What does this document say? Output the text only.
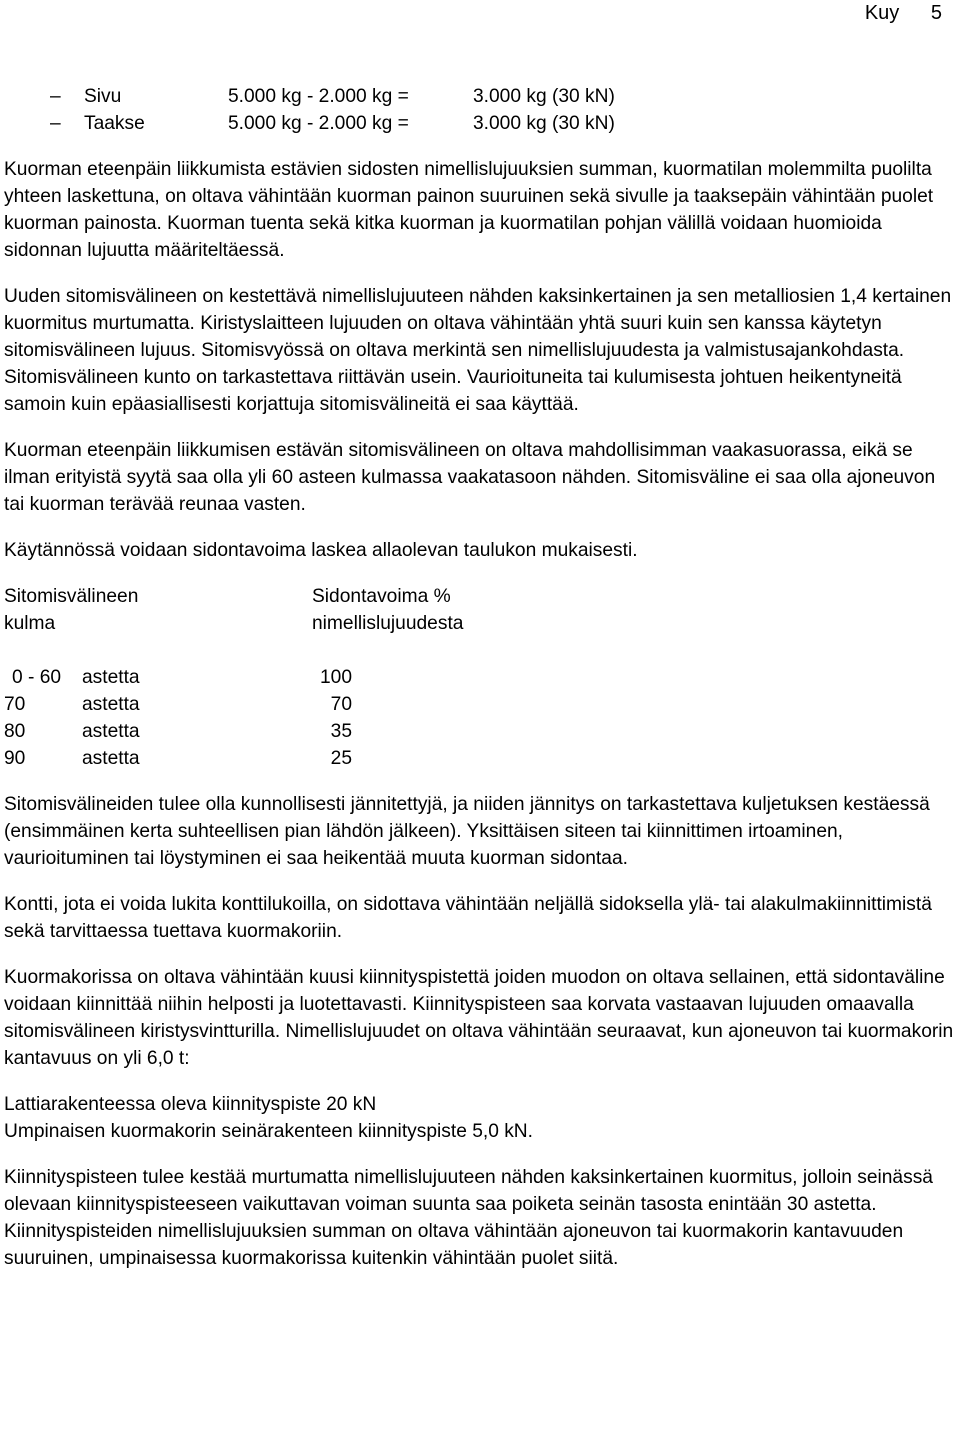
Kuy 5
–	Sivu	5.000 kg - 2.000 kg =	3.000 kg (30 kN)
–	Taakse	5.000 kg - 2.000 kg =	3.000 kg (30 kN)

Kuorman eteenpäin liikkumista estävien sidosten nimellislujuuksien summan, kuormatilan molemmilta puolilta yhteen laskettuna, on oltava vähintään kuorman painon suuruinen sekä sivulle ja taaksepäin vähintään puolet kuorman painosta. Kuorman tuenta sekä kitka kuorman ja kuormatilan pohjan välillä voidaan huomioida sidonnan lujuutta määriteltäessä.

Uuden sitomisvälineen on kestettävä nimellislujuuteen nähden kaksinkertainen ja sen metalliosien 1,4 kertainen kuormitus murtumatta. Kiristyslaitteen lujuuden on oltava vähintään yhtä suuri kuin sen kanssa käytetyn sitomisvälineen lujuus. Sitomisvyössä on oltava merkintä sen nimellislujuudesta ja valmistusajankohdasta. Sitomisvälineen kunto on tarkastettava riittävän usein. Vaurioituneita tai kulumisesta johtuen heikentyneitä samoin kuin epäasiallisesti korjattuja sitomisvälineitä ei saa käyttää.

Kuorman eteenpäin liikkumisen estävän sitomisvälineen on oltava mahdollisimman vaakasuorassa, eikä se ilman erityistä syytä saa olla yli 60 asteen kulmassa vaakatasoon nähden. Sitomisväline ei saa olla ajoneuvon tai kuorman terävää reunaa vasten.

Käytännössä voidaan sidontavoima laskea allaolevan taulukon mukaisesti.

Sitomisvälineen	Sidontavoima %
kulma	nimellislujuudesta
0 - 60	astetta	100
70	astetta	70
80	astetta	35
90	astetta	25

Sitomisvälineiden tulee olla kunnollisesti jännitettyjä, ja niiden jännitys on tarkastettava kuljetuksen kestäessä (ensimmäinen kerta suhteellisen pian lähdön jälkeen). Yksittäisen siteen tai kiinnittimen irtoaminen, vaurioituminen tai löystyminen ei saa heikentää muuta kuorman sidontaa.

Kontti, jota ei voida lukita konttilukoilla, on sidottava vähintään neljällä sidoksella ylä- tai alakulmakiinnittimistä sekä tarvittaessa tuettava kuormakoriin.

Kuormakorissa on oltava vähintään kuusi kiinnityspistettä joiden muodon on oltava sellainen, että sidontaväline voidaan kiinnittää niihin helposti ja luotettavasti. Kiinnityspisteen saa korvata vastaavan lujuuden omaavalla sitomisvälineen kiristysvintturilla. Nimellislujuudet on oltava vähintään seuraavat, kun ajoneuvon tai kuormakorin kantavuus on yli 6,0 t:

Lattiarakenteessa oleva kiinnityspiste 20 kN
Umpinaisen kuormakorin seinärakenteen kiinnityspiste 5,0 kN.

Kiinnityspisteen tulee kestää murtumatta nimellislujuuteen nähden kaksinkertainen kuormitus, jolloin seinässä olevaan kiinnityspisteeseen vaikuttavan voiman suunta saa poiketa seinän tasosta enintään 30 astetta. Kiinnityspisteiden nimellislujuuksien summan on oltava vähintään ajoneuvon tai kuormakorin kantavuuden suuruinen, umpinaisessa kuormakorissa kuitenkin vähintään puolet siitä.
